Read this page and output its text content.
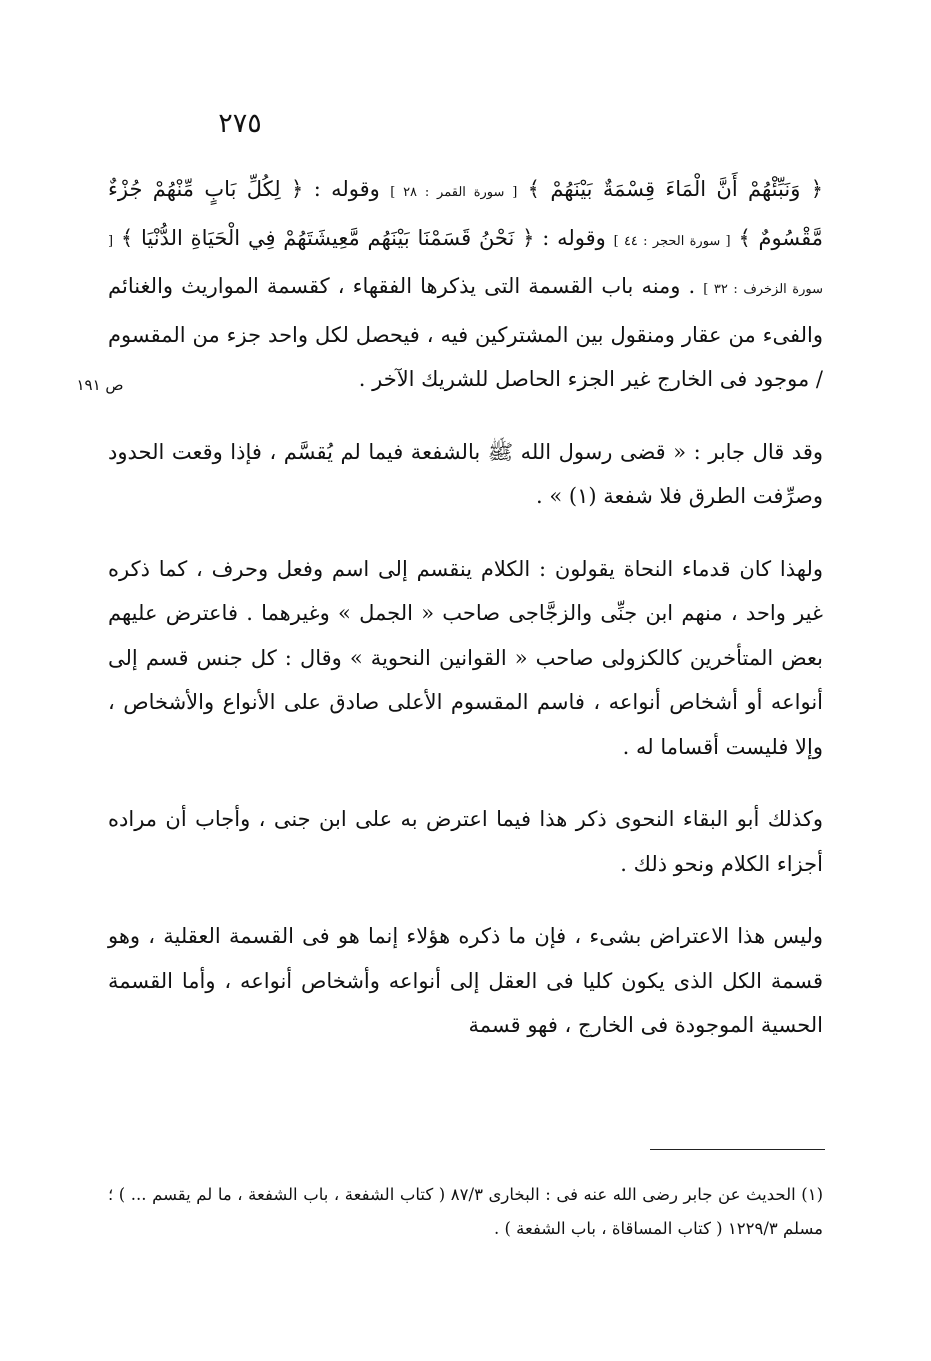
٢٧٥
ص ١٩١

﴿ وَنَبِّئْهُمْ أَنَّ الْمَاءَ قِسْمَةٌ بَيْنَهُمْ ﴾ [ سورة القمر : ٢٨ ] وقوله : ﴿ لِكُلِّ بَابٍ مِّنْهُمْ جُزْءٌ مَّقْسُومٌ ﴾ [ سورة الحجر : ٤٤ ] وقوله : ﴿ نَحْنُ قَسَمْنَا بَيْنَهُم مَّعِيشَتَهُمْ فِي الْحَيَاةِ الدُّنْيَا ﴾ [ سورة الزخرف : ٣٢ ] . ومنه باب القسمة التى يذكرها الفقهاء ، كقسمة المواريث والغنائم والفىء من عقار ومنقول بين المشتركين فيه ، فيحصل لكل واحد جزء من المقسوم / موجود فى الخارج غير الجزء الحاصل للشريك الآخر .

وقد قال جابر : « قضى رسول الله ﷺ بالشفعة فيما لم يُقسَّم ، فإذا وقعت الحدود وصرِّفت الطرق فلا شفعة (١) » .

ولهذا كان قدماء النحاة يقولون : الكلام ينقسم إلى اسم وفعل وحرف ، كما ذكره غير واحد ، منهم ابن جنِّى والزجَّاجى صاحب « الجمل » وغيرهما . فاعترض عليهم بعض المتأخرين كالكزولى صاحب « القوانين النحوية » وقال : كل جنس قسم إلى أنواعه أو أشخاص أنواعه ، فاسم المقسوم الأعلى صادق على الأنواع والأشخاص ، وإلا فليست أقساما له .

وكذلك أبو البقاء النحوى ذكر هذا فيما اعترض به على ابن جنى ، وأجاب أن مراده أجزاء الكلام ونحو ذلك .

وليس هذا الاعتراض بشىء ، فإن ما ذكره هؤلاء إنما هو فى القسمة العقلية ، وهو قسمة الكل الذى يكون كليا فى العقل إلى أنواعه وأشخاص أنواعه ، وأما القسمة الحسية الموجودة فى الخارج ، فهو قسمة

(١) الحديث عن جابر رضى الله عنه فى : البخارى ٨٧/٣ ( كتاب الشفعة ، باب الشفعة ، ما لم يقسم ... ) ؛ مسلم ١٢٢٩/٣ ( كتاب المساقاة ، باب الشفعة ) .
